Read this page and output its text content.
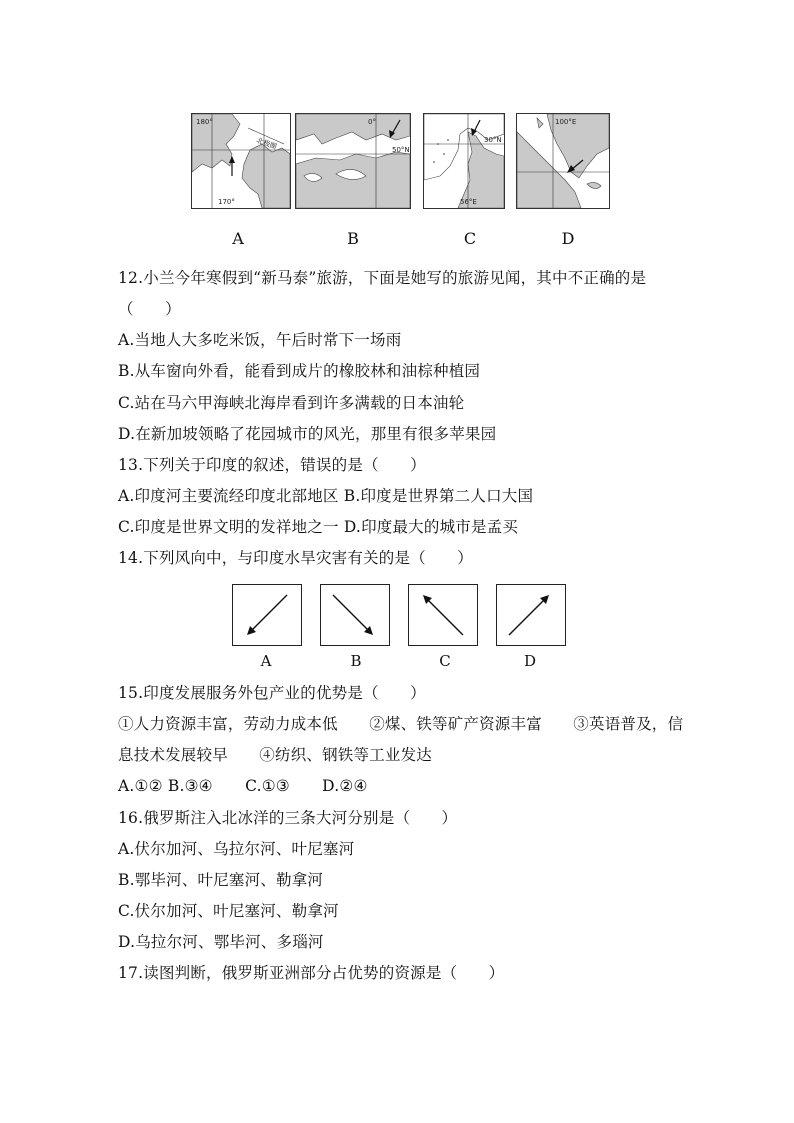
180°
170°
北极圈
0°
50°N
30°N
56°E
100°E
A	B	C	D
12.小兰今年寒假到“新马泰”旅游，下面是她写的旅游见闻，其中不正确的是
（　　）
A.当地人大多吃米饭，午后时常下一场雨
B.从车窗向外看，能看到成片的橡胶林和油棕种植园
C.站在马六甲海峡北海岸看到许多满载的日本油轮
D.在新加坡领略了花园城市的风光，那里有很多苹果园
13.下列关于印度的叙述，错误的是（　　）
A.印度河主要流经印度北部地区 B.印度是世界第二人口大国
C.印度是世界文明的发祥地之一 D.印度最大的城市是孟买
14.下列风向中，与印度水旱灾害有关的是（　　）
15.印度发展服务外包产业的优势是（　　）
①人力资源丰富，劳动力成本低　　②煤、铁等矿产资源丰富　　③英语普及，信
息技术发展较早　　④纺织、钢铁等工业发达
A.①② B.③④ C.①③ D.②④
16.俄罗斯注入北冰洋的三条大河分别是（　　）
A.伏尔加河、乌拉尔河、叶尼塞河
B.鄂毕河、叶尼塞河、勒拿河
C.伏尔加河、叶尼塞河、勒拿河
D.乌拉尔河、鄂毕河、多瑙河
17.读图判断，俄罗斯亚洲部分占优势的资源是（　　）
A	B	C	D
